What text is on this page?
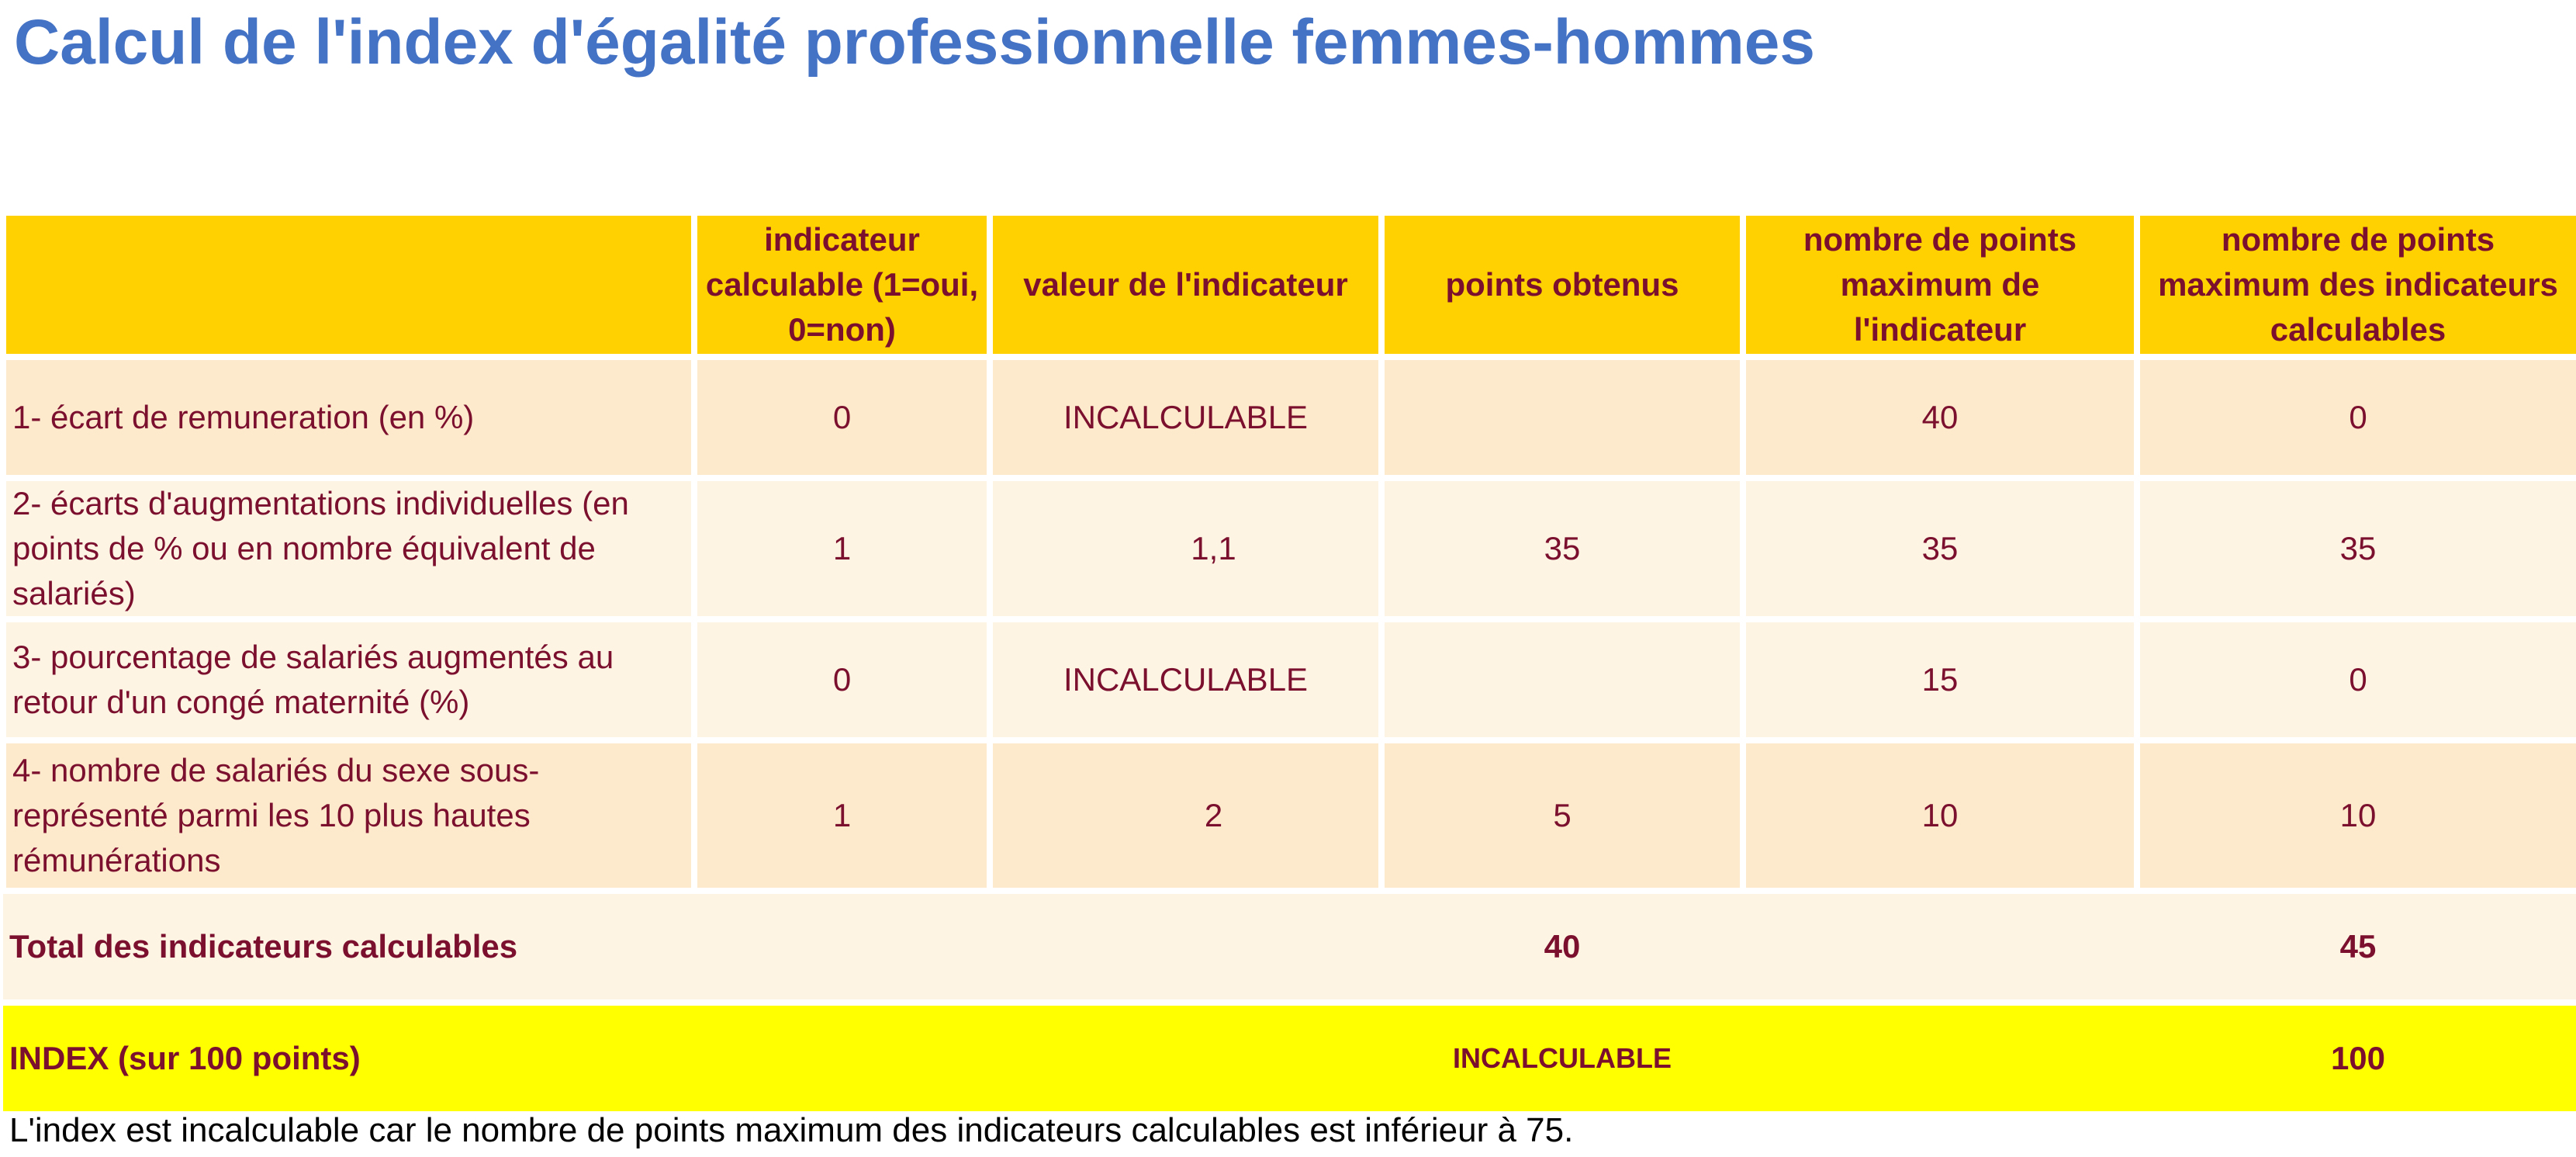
Calcul de l'index d'égalité professionnelle femmes-hommes
	indicateur calculable (1=oui, 0=non)	valeur de l'indicateur	points obtenus	nombre de points maximum de l'indicateur	nombre de points maximum des indicateurs calculables
1- écart de remuneration (en %)	0	INCALCULABLE		40	0
2- écarts d'augmentations individuelles (en points de % ou en nombre équivalent de salariés)	1	1,1	35	35	35
3- pourcentage de salariés augmentés au retour d'un congé maternité (%)	0	INCALCULABLE		15	0
4- nombre de salariés du sexe sous-représenté parmi les 10 plus hautes rémunérations	1	2	5	10	10
Total des indicateurs calculables			40		45
INDEX (sur 100 points)			INCALCULABLE		100
L'index est incalculable car le nombre de points maximum des indicateurs calculables est inférieur à 75.
